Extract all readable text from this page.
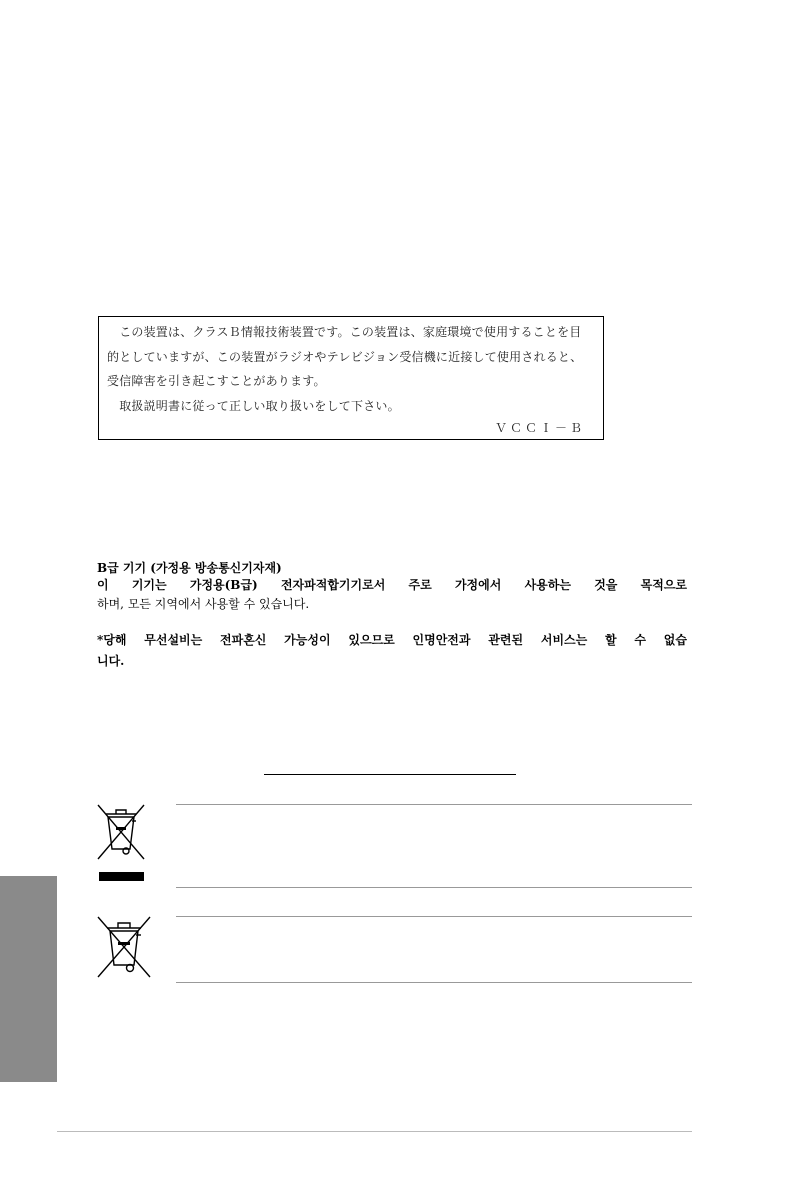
　この装置は、クラスＢ情報技術装置です。この装置は、家庭環境で使用することを目
的としていますが、この装置がラジオやテレビジョン受信機に近接して使用されると、
受信障害を引き起こすことがあります。
　取扱説明書に従って正しい取り扱いをして下さい。
ＶＣＣＩ－Ｂ
B급 기기 (가정용 방송통신기자재)
이 기기는 가정용(B급) 전자파적합기기로서 주로 가정에서 사용하는 것을 목적으로
하며, 모든 지역에서 사용할 수 있습니다.
*당해 무선설비는 전파혼신 가능성이 있으므로 인명안전과 관련된 서비스는 할 수 없습
니다.
